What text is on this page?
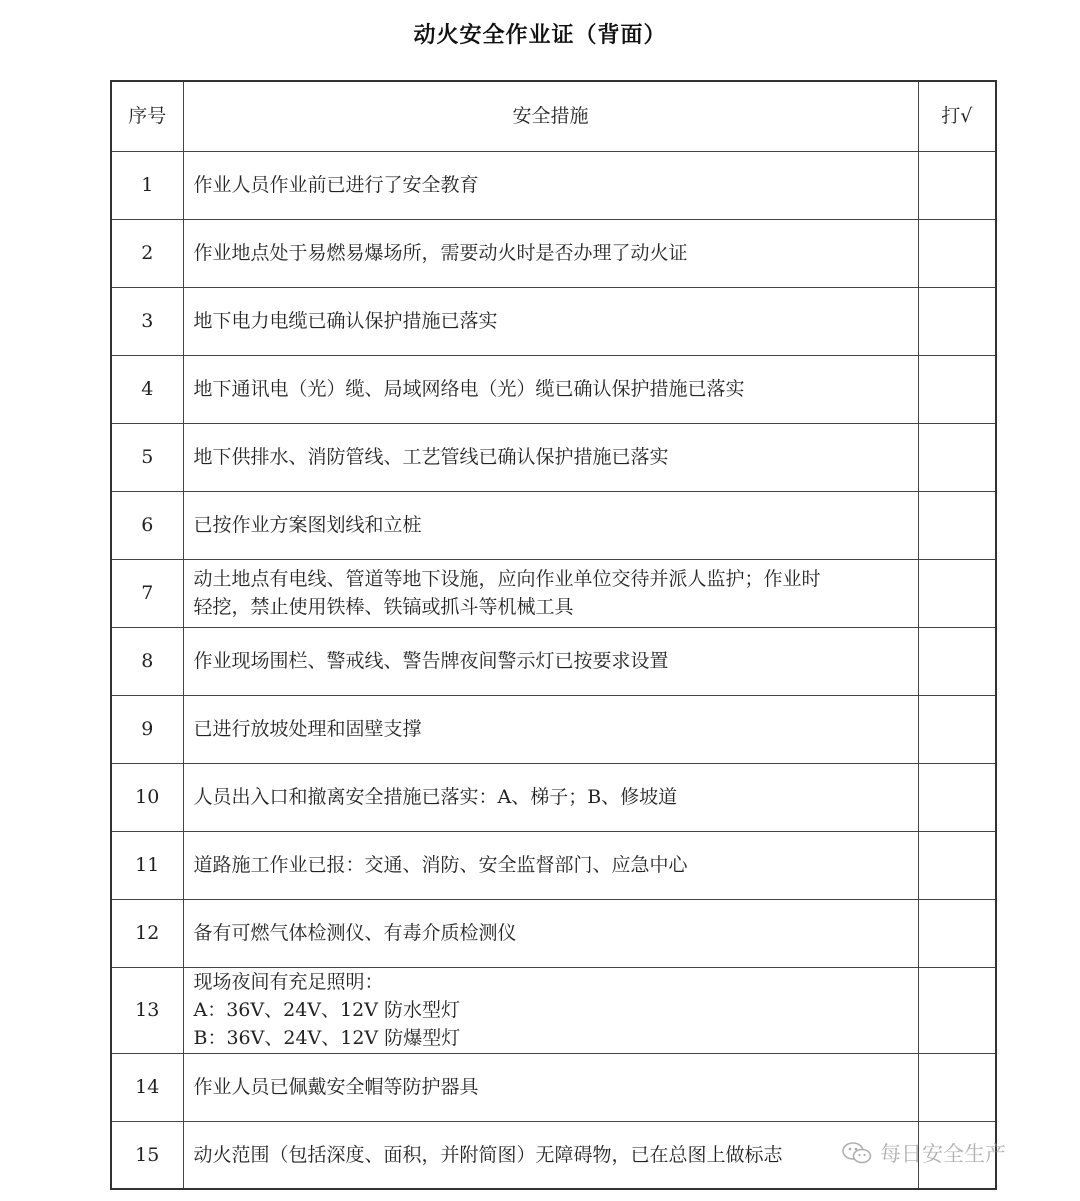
动火安全作业证（背面）
序号	安全措施	打√
1	作业人员作业前已进行了安全教育	
2	作业地点处于易燃易爆场所，需要动火时是否办理了动火证	
3	地下电力电缆已确认保护措施已落实	
4	地下通讯电（光）缆、局域网络电（光）缆已确认保护措施已落实	
5	地下供排水、消防管线、工艺管线已确认保护措施已落实	
6	已按作业方案图划线和立桩	
7	动土地点有电线、管道等地下设施，应向作业单位交待并派人监护；作业时
轻挖，禁止使用铁棒、铁镐或抓斗等机械工具	

8	作业现场围栏、警戒线、警告牌夜间警示灯已按要求设置	
9	已进行放坡处理和固壁支撑	
10	人员出入口和撤离安全措施已落实：A、梯子；B、修坡道	
11	道路施工作业已报：交通、消防、安全监督部门、应急中心	
12	备有可燃气体检测仪、有毒介质检测仪	
13	现场夜间有充足照明：
A：36V、24V、12V 防水型灯
B：36V、24V、12V 防爆型灯	

14	作业人员已佩戴安全帽等防护器具	
15	动火范围（包括深度、面积，并附简图）无障碍物，已在总图上做标志		每日安全生产
